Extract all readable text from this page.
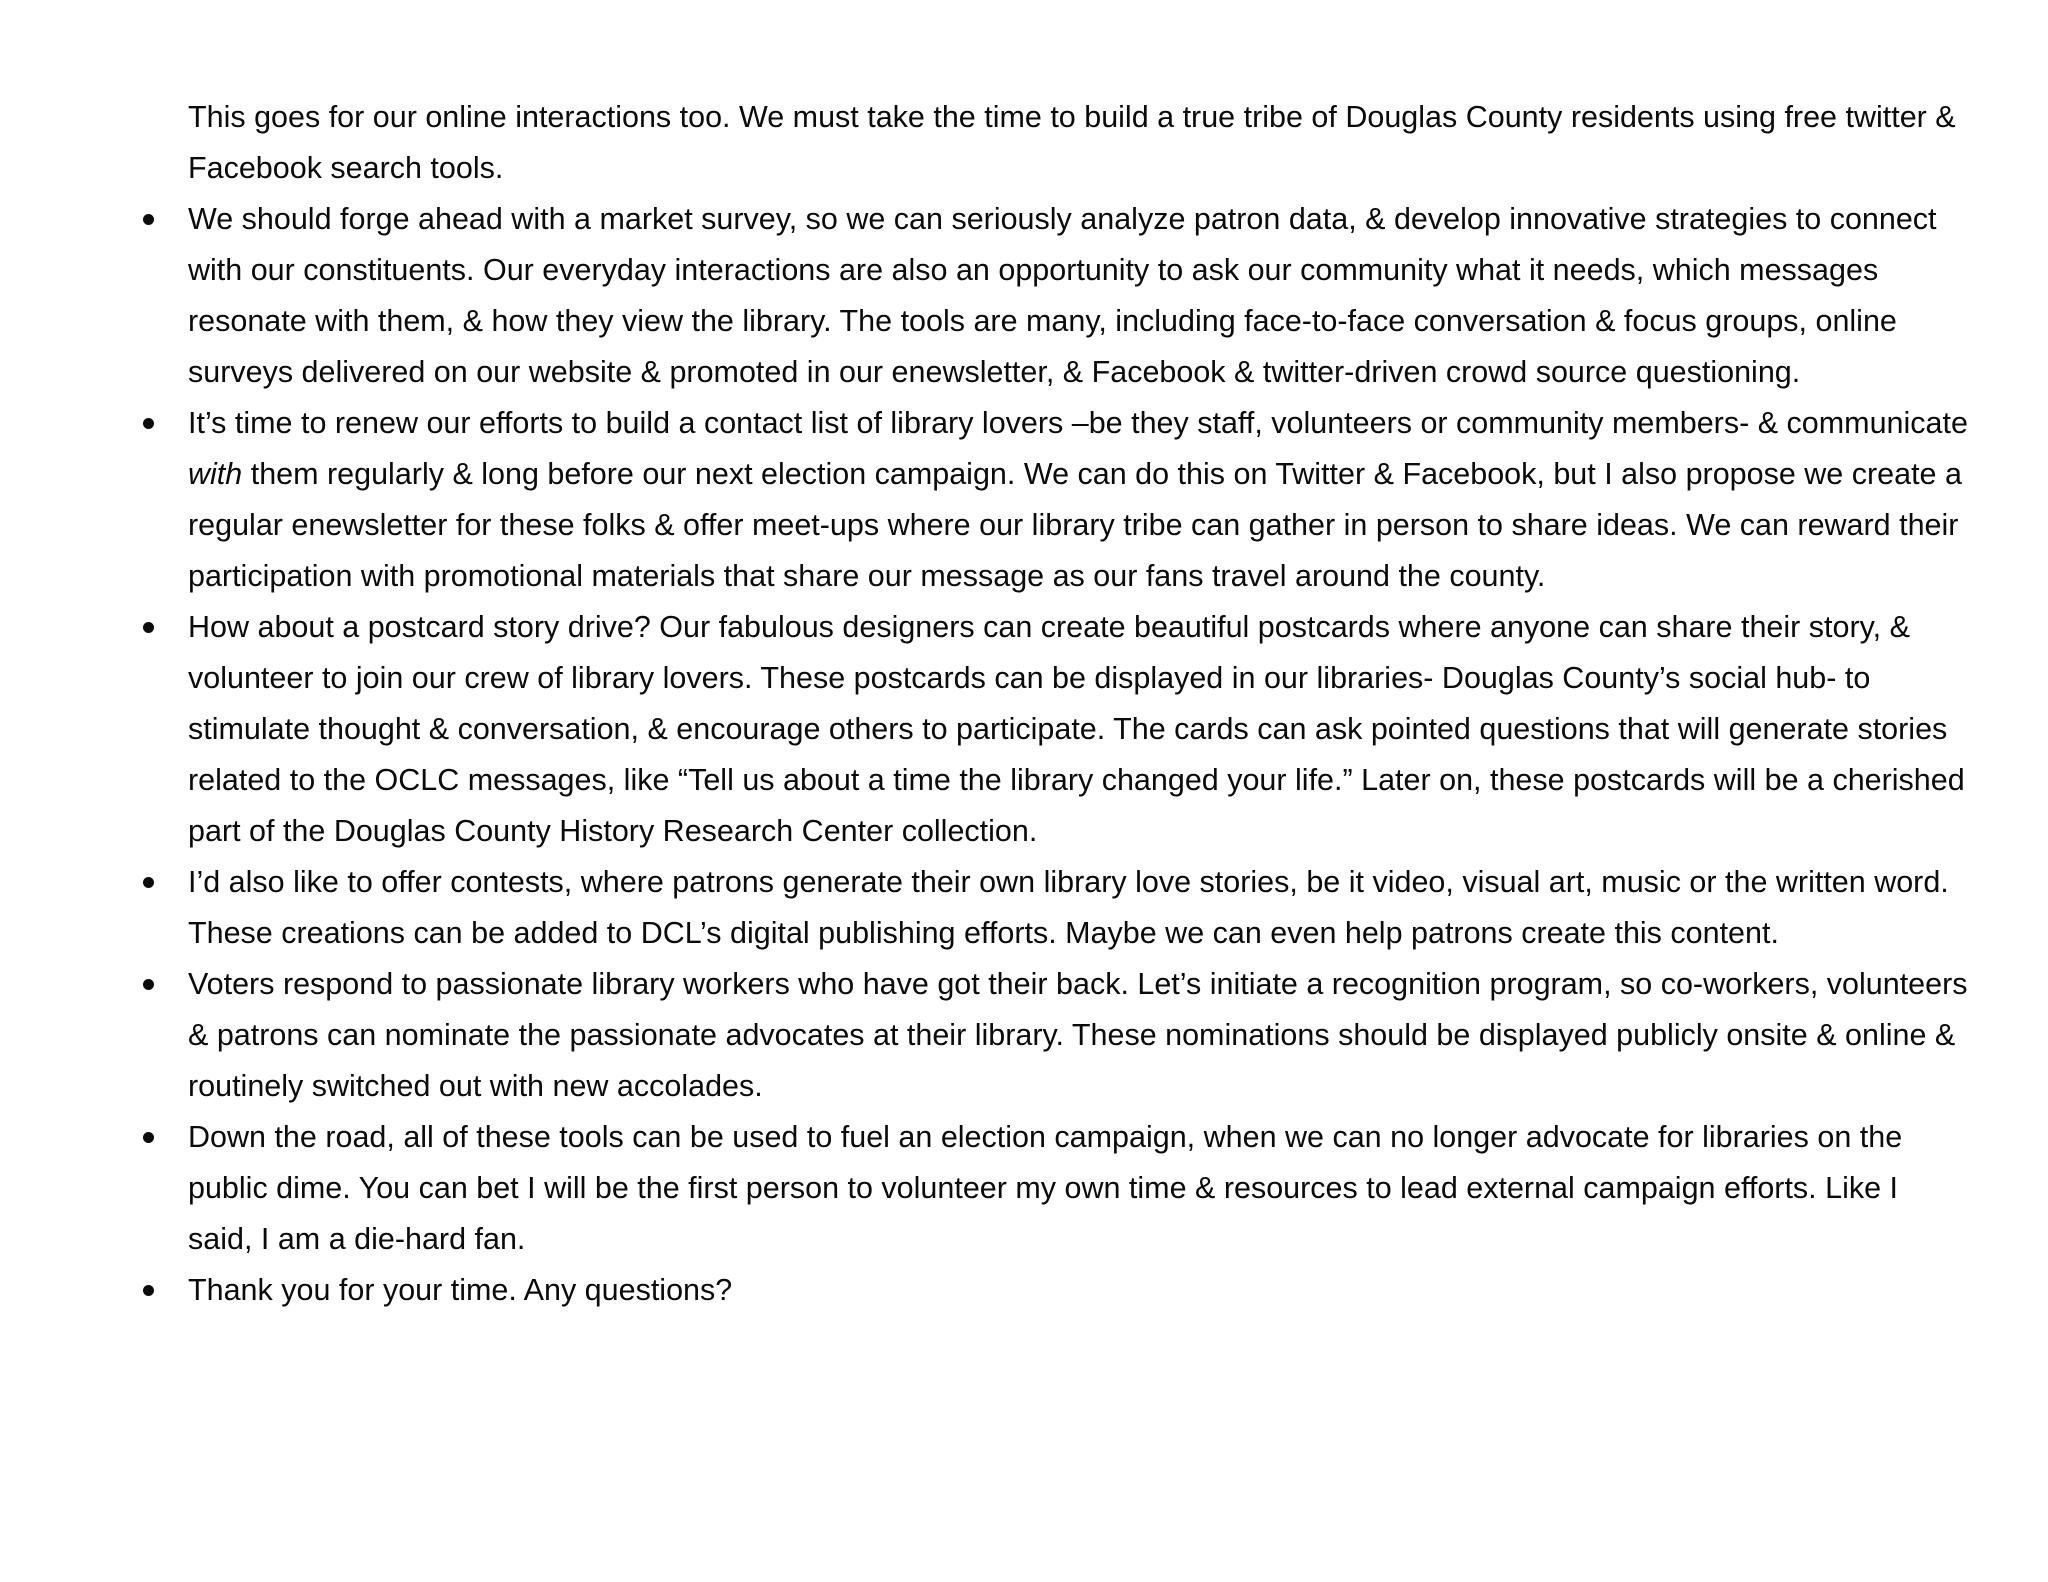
This goes for our online interactions too. We must take the time to build a true tribe of Douglas County residents using free twitter & Facebook search tools.

We should forge ahead with a market survey, so we can seriously analyze patron data, & develop innovative strategies to connect with our constituents. Our everyday interactions are also an opportunity to ask our community what it needs, which messages resonate with them, & how they view the library. The tools are many, including face-to-face conversation & focus groups, online surveys delivered on our website & promoted in our enewsletter, & Facebook & twitter-driven crowd source questioning.
It’s time to renew our efforts to build a contact list of library lovers –be they staff, volunteers or community members- & communicate with them regularly & long before our next election campaign. We can do this on Twitter & Facebook, but I also propose we create a regular enewsletter for these folks & offer meet-ups where our library tribe can gather in person to share ideas. We can reward their participation with promotional materials that share our message as our fans travel around the county.
How about a postcard story drive? Our fabulous designers can create beautiful postcards where anyone can share their story, & volunteer to join our crew of library lovers. These postcards can be displayed in our libraries- Douglas County’s social hub- to stimulate thought & conversation, & encourage others to participate. The cards can ask pointed questions that will generate stories related to the OCLC messages, like “Tell us about a time the library changed your life.” Later on, these postcards will be a cherished part of the Douglas County History Research Center collection.
I’d also like to offer contests, where patrons generate their own library love stories, be it video, visual art, music or the written word. These creations can be added to DCL’s digital publishing efforts. Maybe we can even help patrons create this content.
Voters respond to passionate library workers who have got their back. Let’s initiate a recognition program, so co-workers, volunteers & patrons can nominate the passionate advocates at their library. These nominations should be displayed publicly onsite & online & routinely switched out with new accolades.
Down the road, all of these tools can be used to fuel an election campaign, when we can no longer advocate for libraries on the public dime. You can bet I will be the first person to volunteer my own time & resources to lead external campaign efforts. Like I said, I am a die-hard fan.
Thank you for your time. Any questions?
